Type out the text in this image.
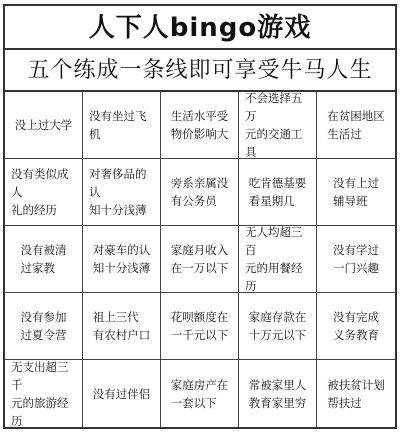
人下人bingo游戏
五个练成一条线即可享受牛马人生
没上过大学
没有坐过飞机
生活水平受
物价影响大
不会选择五万
元的交通工具
在贫困地区
生活过
没有类似成人
礼的经历
对奢侈品的认
知十分浅薄
旁系亲属没
有公务员
吃肯德基要
看星期几
没有上过
辅导班
没有被清
过家教
对豪车的认
知十分浅薄
家庭月收入
在一万以下
无人均超三百
元的用餐经历
没有学过
一门兴趣
没有参加
过夏令营
祖上三代
有农村户口
花呗额度在
一千元以下
家庭存款在
十万元以下
没有完成
义务教育
无支出超三千
元的旅游经历
没有过伴侣
家庭房产在
一套以下
常被家里人
教育家里穷
被扶贫计划
帮扶过
